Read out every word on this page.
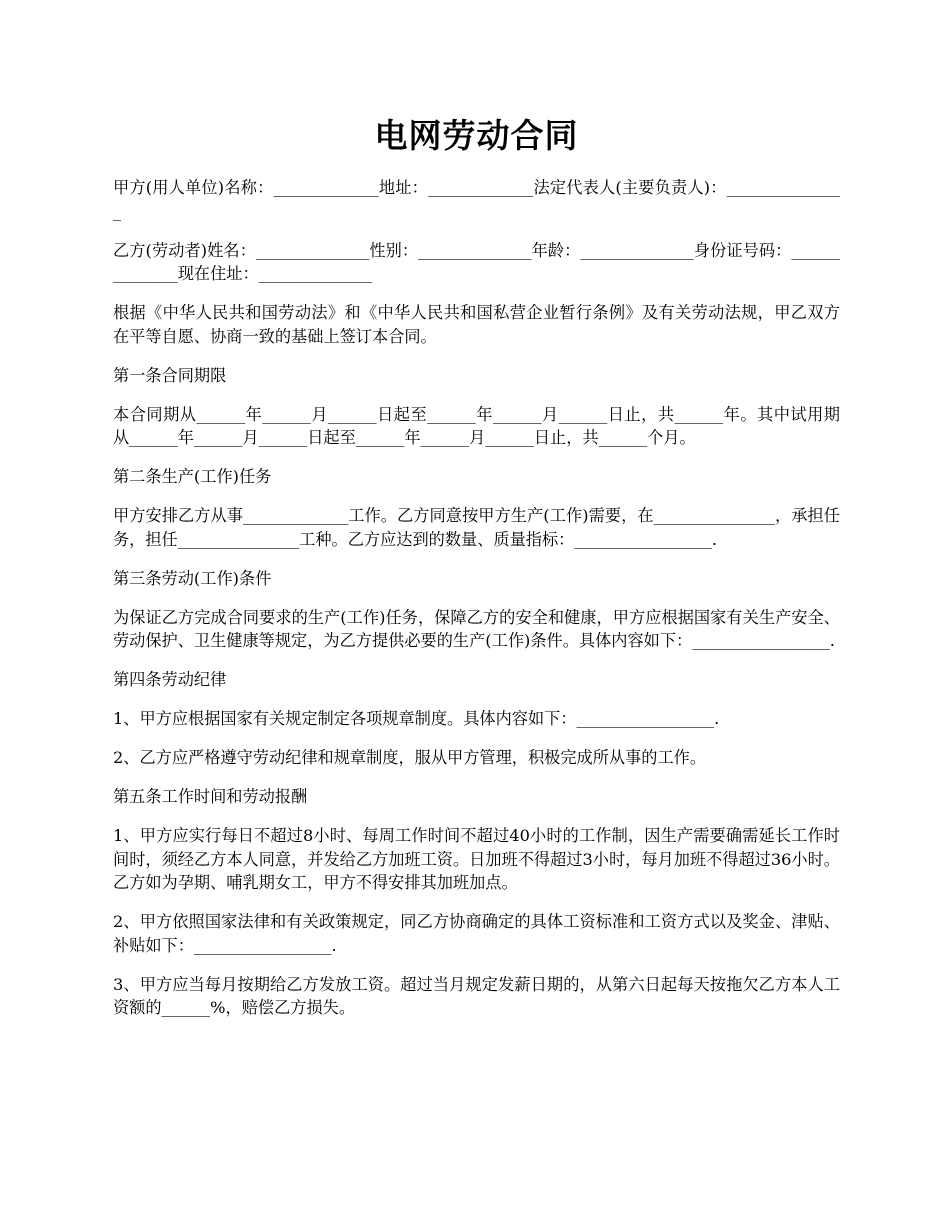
电网劳动合同

甲方(用人单位)名称：_____________地址：_____________法定代表人(主要负责人)：_______________

乙方(劳动者)姓名：______________性别：______________年龄：______________身份证号码：______________现在住址：______________

根据《中华人民共和国劳动法》和《中华人民共和国私营企业暂行条例》及有关劳动法规，甲乙双方在平等自愿、协商一致的基础上签订本合同。

第一条合同期限

本合同期从______年______月______日起至______年______月______日止，共______年。其中试用期从______年______月______日起至______年______月______日止，共______个月。

第二条生产(工作)任务

甲方安排乙方从事_____________工作。乙方同意按甲方生产(工作)需要，在_______________，承担任务，担任_______________工种。乙方应达到的数量、质量指标：_________________.

第三条劳动(工作)条件

为保证乙方完成合同要求的生产(工作)任务，保障乙方的安全和健康，甲方应根据国家有关生产安全、劳动保护、卫生健康等规定，为乙方提供必要的生产(工作)条件。具体内容如下：_________________.

第四条劳动纪律

1、甲方应根据国家有关规定制定各项规章制度。具体内容如下：_________________.

2、乙方应严格遵守劳动纪律和规章制度，服从甲方管理，积极完成所从事的工作。

第五条工作时间和劳动报酬

1、甲方应实行每日不超过8小时、每周工作时间不超过40小时的工作制，因生产需要确需延长工作时间时，须经乙方本人同意，并发给乙方加班工资。日加班不得超过3小时，每月加班不得超过36小时。乙方如为孕期、哺乳期女工，甲方不得安排其加班加点。

2、甲方依照国家法律和有关政策规定，同乙方协商确定的具体工资标准和工资方式以及奖金、津贴、补贴如下：_________________.

3、甲方应当每月按期给乙方发放工资。超过当月规定发薪日期的，从第六日起每天按拖欠乙方本人工资额的______%，赔偿乙方损失。
